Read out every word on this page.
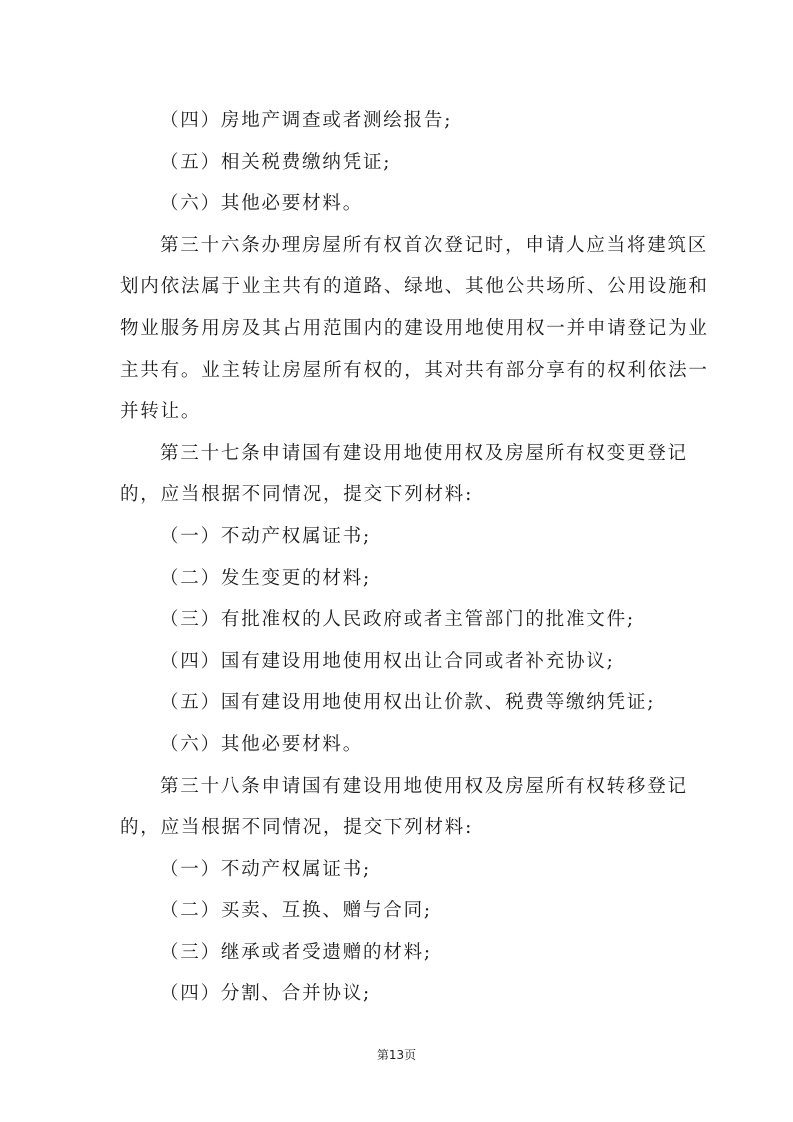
（四）房地产调查或者测绘报告;
（五）相关税费缴纳凭证;
（六）其他必要材料。
第三十六条办理房屋所有权首次登记时，申请人应当将建筑区
划内依法属于业主共有的道路、绿地、其他公共场所、公用设施和
物业服务用房及其占用范围内的建设用地使用权一并申请登记为业
主共有。业主转让房屋所有权的，其对共有部分享有的权利依法一
并转让。
第三十七条申请国有建设用地使用权及房屋所有权变更登记
的，应当根据不同情况，提交下列材料:
（一）不动产权属证书;
（二）发生变更的材料;
（三）有批准权的人民政府或者主管部门的批准文件;
（四）国有建设用地使用权出让合同或者补充协议;
（五）国有建设用地使用权出让价款、税费等缴纳凭证;
（六）其他必要材料。
第三十八条申请国有建设用地使用权及房屋所有权转移登记
的，应当根据不同情况，提交下列材料:
（一）不动产权属证书;
（二）买卖、互换、赠与合同;
（三）继承或者受遗赠的材料;
（四）分割、合并协议;
第13页
